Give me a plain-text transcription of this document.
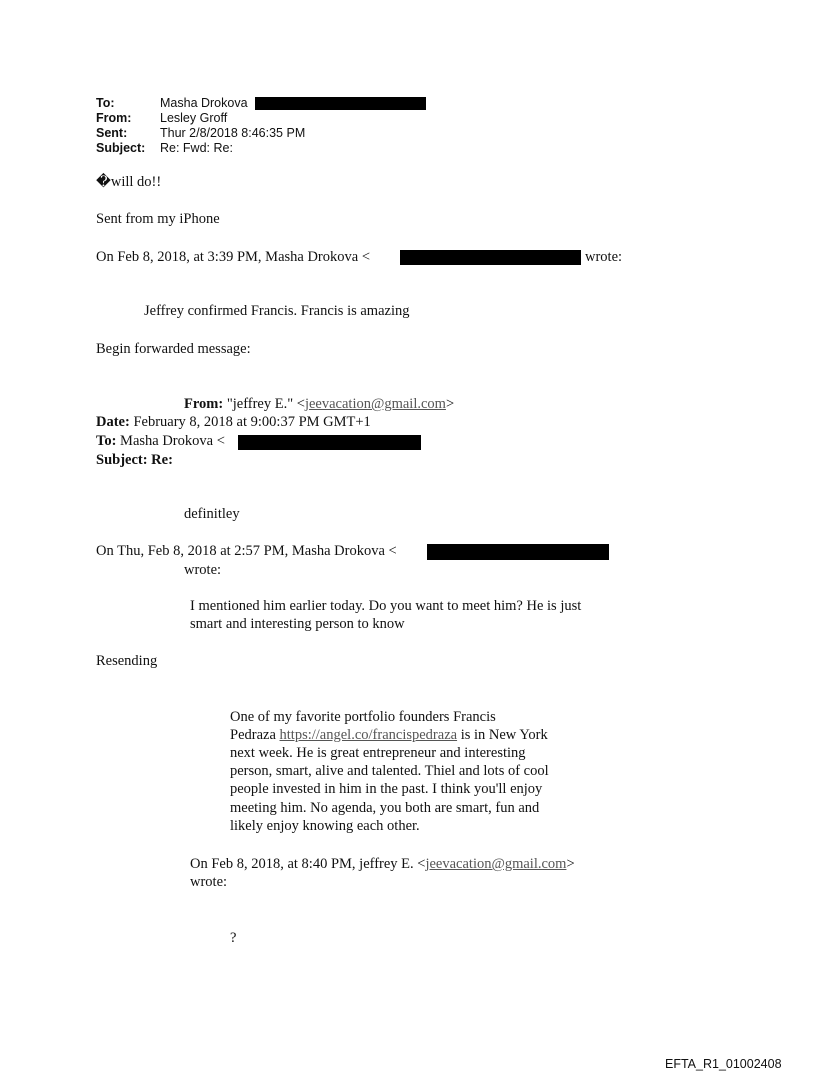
To:	Masha Drokova
From: Lesley Groff
Sent:	Thur 2/8/2018 8:46:35 PM
Subject: Re: Fwd: Re:
�will do!!
Sent from my iPhone
On Feb 8, 2018, at 3:39 PM, Masha Drokova <	wrote:
Jeffrey confirmed Francis. Francis is amazing
Begin forwarded message:
From: "jeffrey E." <jeevacation@gmail.com>
Date: February 8, 2018 at 9:00:37 PM GMT+1
To: Masha Drokova <
Subject: Re:
definitley
On Thu, Feb 8, 2018 at 2:57 PM, Masha Drokova <
wrote:
I mentioned him earlier today. Do you want to meet him? He is just
smart and interesting person to know
Resending
One of my favorite portfolio founders Francis
Pedraza https://angel.co/francispedraza is in New York
next week. He is great entrepreneur and interesting
person, smart, alive and talented. Thiel and lots of cool
people invested in him in the past. I think you'll enjoy
meeting him. No agenda, you both are smart, fun and
likely enjoy knowing each other.
On Feb 8, 2018, at 8:40 PM, jeffrey E. <jeevacation@gmail.com>
wrote:
?
EFTA_R1_01002408
